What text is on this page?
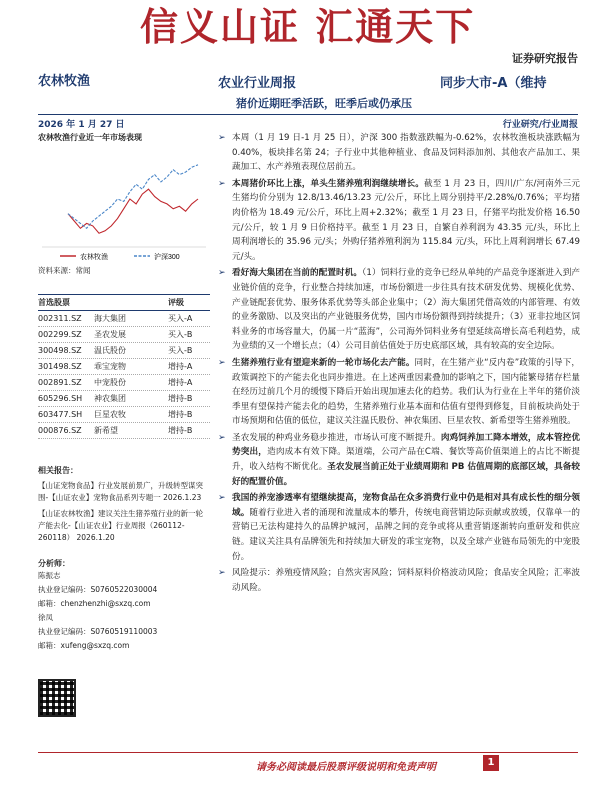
信义山证 汇通天下
证券研究报告
农林牧渔	农业行业周报	同步大市-A（维持
猪价近期旺季活跃，旺季后或仍承压
2026 年 1 月 27 日	行业研究/行业周报
农林牧渔行业近一年市场表现
农林牧渔	沪深300
资料来源：常闻
首选股票	评级
002311.SZ	海大集团	买入-A
002299.SZ	圣农发展	买入-B
300498.SZ	温氏股份	买入-B
301498.SZ	乖宝宠物	增持-A
002891.SZ	中宠股份	增持-A
605296.SH	神农集团	增持-B
603477.SH	巨星农牧	增持-B
000876.SZ	新希望	增持-B
相关报告：
【山证宠物食品】行业发展前景广，升级转型谋突围-【山证农业】宠物食品系列专题一 2026.1.23
【山证农林牧渔】建议关注生猪养殖行业的新一轮产能去化-【山证农业】行业周报（260112-260118） 2026.1.20
分析师：
陈振志
执业登记编码：S0760522030004
邮箱：chenzhenzhi@sxzq.com
徐凤
执业登记编码：S0760519110003
邮箱：xufeng@sxzq.com
➢ 本周（1 月 19 日-1 月 25 日），沪深 300 指数涨跌幅为-0.62%，农林牧渔板块涨跌幅为 0.40%，板块排名第 24；子行业中其他种植业、食品及饲料添加剂、其他农产品加工、果蔬加工、水产养殖表现位居前五。
➢ 本周猪价环比上涨，单头生猪养殖利润继续增长。截至 1 月 23 日，四川/广东/河南外三元生猪均价分别为 12.8/13.46/13.23 元/公斤，环比上周分别持平/2.28%/0.76%；平均猪肉价格为 18.49 元/公斤，环比上周+2.32%；截至 1 月 23 日，仔猪平均批发价格 16.50 元/公斤，较 1 月 9 日价格持平。截至 1 月 23 日，自繁自养利润为 43.35 元/头，环比上周利润增长的 35.96 元/头；外购仔猪养殖利润为 115.84 元/头，环比上周利润增长 67.49 元/头。
➢ 看好海大集团在当前的配置时机。（1）饲料行业的竞争已经从单纯的产品竞争逐渐进入到产业链价值的竞争，行业整合持续加速，市场份额进一步往具有技术研发优势、规模化优势、产业链配套优势、服务体系优势等头部企业集中；（2）海大集团凭借高效的内部管理、有效的业务激励、以及突出的产业链服务优势，国内市场份额得到持续提升；（3）亚非拉地区饲料业务的市场容量大，仍属一片“蓝海”，公司海外饲料业务有望延续高增长高毛利趋势，成为业绩的又一个增长点；（4）公司目前估值处于历史底部区域，具有较高的安全边际。
➢ 生猪养殖行业有望迎来新的一轮市场化去产能。同时，在生猪产业“反内卷”政策的引导下，政策调控下的产能去化也同步推进。在上述两重因素叠加的影响之下，国内能繁母猪存栏量在经历过前几个月的缓慢下降后开始出现加速去化的趋势。我们认为行业在上半年的猪价淡季里有望保持产能去化的趋势，生猪养殖行业基本面和估值有望得到修复，目前板块尚处于市场预期和估值的低位，建议关注温氏股份、神农集团、巨星农牧、新希望等生猪养殖股。
➢ 圣农发展的种鸡业务稳步推进，市场认可度不断提升。肉鸡饲养加工降本增效，成本管控优势突出，造肉成本有效下降。渠道端，公司产品在C端、餐饮等高价值渠道上的占比不断提升，收入结构不断优化。圣农发展当前正处于业绩周期和 PB 估值周期的底部区域，具备较好的配置价值。
➢ 我国的养宠渗透率有望继续提高，宠物食品在众多消费行业中仍是相对具有成长性的细分领域。随着行业进入者的涌现和流量成本的攀升，传统电商营销边际贡献或放缓，仅靠单一的营销已无法构建持久的品牌护城河，品牌之间的竞争或将从重营销逐渐转向重研发和供应链。建议关注具有品牌领先和持续加大研发的乖宝宠物，以及全球产业链布局领先的中宠股份。
➢ 风险提示：养殖疫情风险；自然灾害风险；饲料原料价格波动风险；食品安全风险；汇率波动风险。
请务必阅读最后股票评级说明和免责声明	1
